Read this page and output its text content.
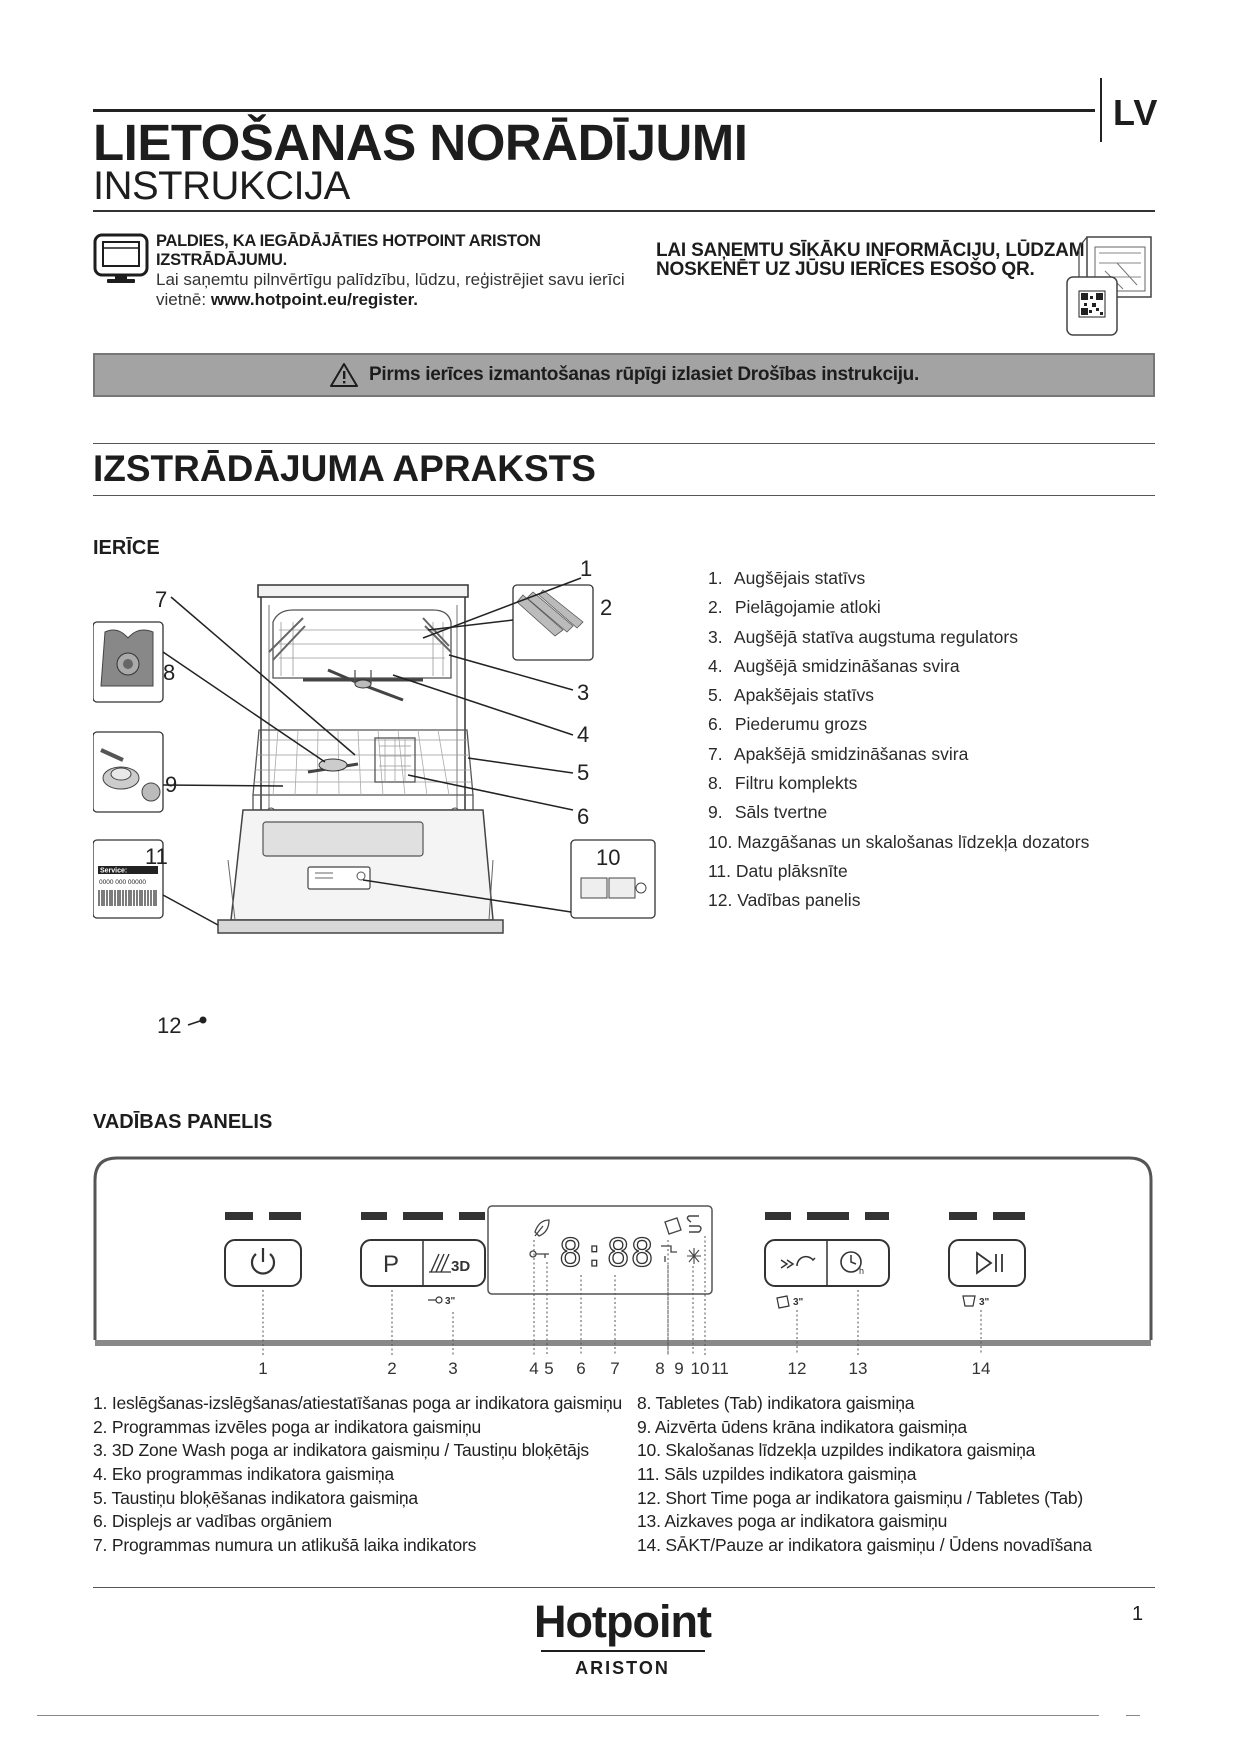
LV
LIETOŠANAS NORĀDĪJUMI
INSTRUKCIJA
PALDIES, KA IEGĀDĀJĀTIES HOTPOINT ARISTON IZSTRĀDĀJUMU.
Lai saņemtu pilnvērtīgu palīdzību, lūdzu, reģistrējiet savu ierīci vietnē: www.hotpoint.eu/register.
LAI SAŅEMTU SĪKĀKU INFORMĀCIJU, LŪDZAM NOSKENĒT UZ JŪSU IERĪCES ESOŠO QR.
Pirms ierīces izmantošanas rūpīgi izlasiet Drošības instrukciju.
IZSTRĀDĀJUMA APRAKSTS
IERĪCE
Service:
0000 000 00000
1
2
3
4
5
6
7
8
9
10
11
12
1. Augšējais statīvs
2. Pielāgojamie atloki
3. Augšējā statīva augstuma regulators
4. Augšējā smidzināšanas svira
5. Apakšējais statīvs
6. Piederumu grozs
7. Apakšējā smidzināšanas svira
8. Filtru komplekts
9. Sāls tvertne
10. Mazgāšanas un skalošanas līdzekļa dozators
11. Datu plāksnīte
12. Vadības panelis
VADĪBAS PANELIS
P	3D 8:88	h
3"	3"	3"
1	2	3	4 5 6 7 8 9 10 11	12 13	14
1. Ieslēgšanas-izslēgšanas/atiestatīšanas poga ar indikatora gaismiņu
2. Programmas izvēles poga ar indikatora gaismiņu
3. 3D Zone Wash poga ar indikatora gaismiņu / Taustiņu bloķētājs
4. Eko programmas indikatora gaismiņa
5. Taustiņu bloķēšanas indikatora gaismiņa
6. Displejs ar vadības orgāniem
7. Programmas numura un atlikušā laika indikators
8. Tabletes (Tab) indikatora gaismiņa
9. Aizvērta ūdens krāna indikatora gaismiņa
10. Skalošanas līdzekļa uzpildes indikatora gaismiņa
11. Sāls uzpildes indikatora gaismiņa
12. Short Time poga ar indikatora gaismiņu / Tabletes (Tab)
13. Aizkaves poga ar indikatora gaismiņu
14. SĀKT/Pauze ar indikatora gaismiņu / Ūdens novadīšana
Hotpoint
ARISTON
1
